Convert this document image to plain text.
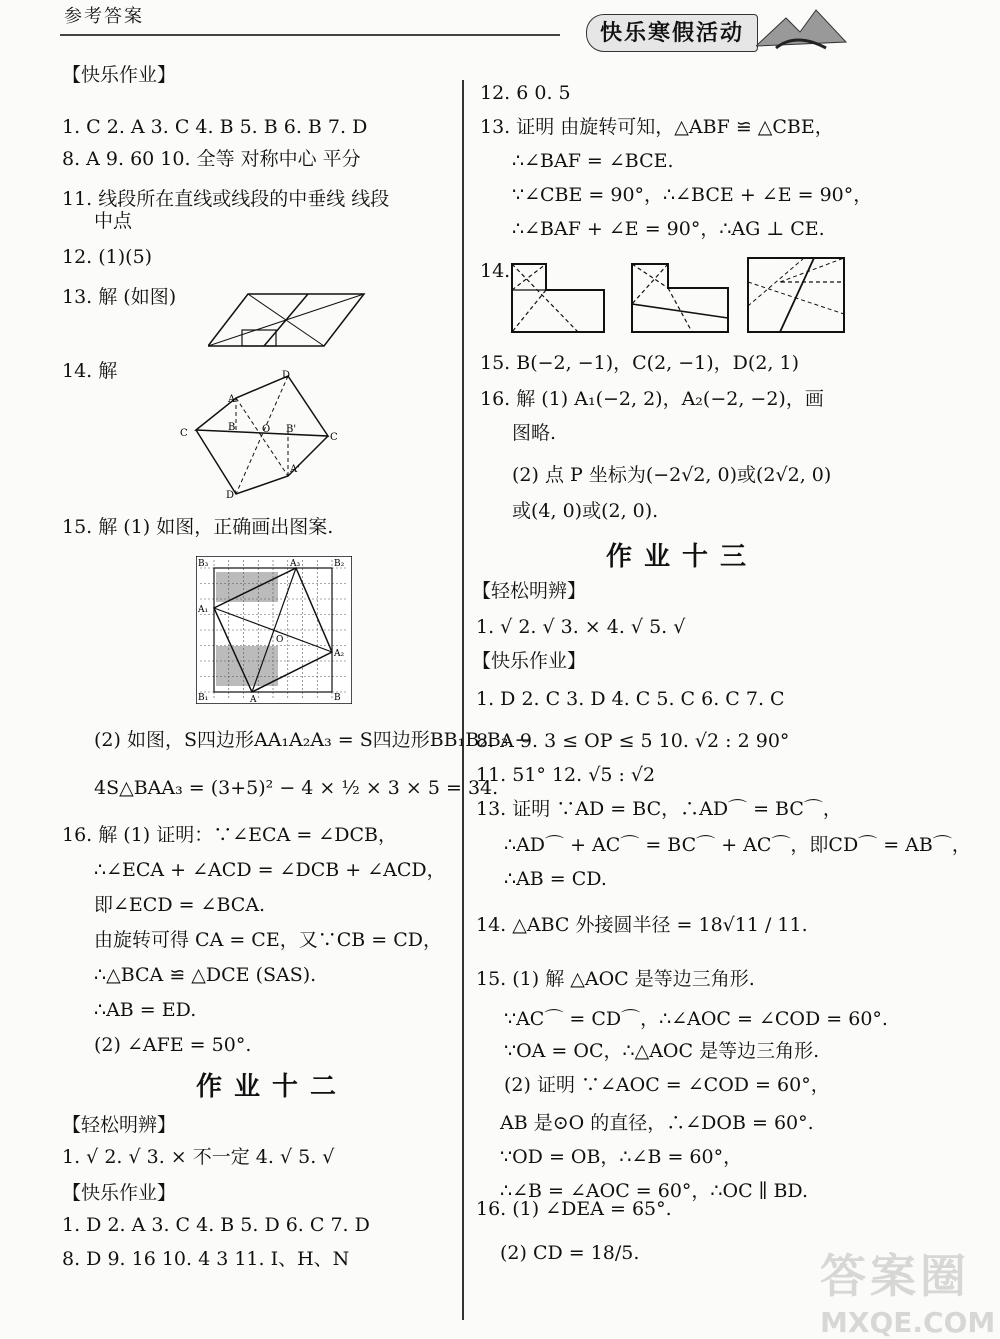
参考答案
快乐寒假活动
【快乐作业】
1. C 2. A 3. C 4. B 5. B 6. B 7. D
8. A 9. 60 10. 全等 对称中心 平分
11. 线段所在直线或线段的中垂线 线段
中点
12. (1)(5)
13. 解 (如图)
14. 解
15. 解 (1) 如图，正确画出图案.
(2) 如图，S四边形AA₁A₂A₃ = S四边形BB₁B₂B₃ −
4S△BAA₃ = (3+5)² − 4 × ½ × 3 × 5 = 34.
16. 解 (1) 证明：∵∠ECA = ∠DCB，
∴∠ECA + ∠ACD = ∠DCB + ∠ACD，
即∠ECD = ∠BCA.
由旋转可得 CA = CE，又∵CB = CD，
∴△BCA ≌ △DCE (SAS).
∴AB = ED.
(2) ∠AFE = 50°.
【轻松明辨】
1. √ 2. √ 3. × 不一定 4. √ 5. √
【快乐作业】
1. D 2. A 3. C 4. B 5. D 6. C 7. D
8. D 9. 16 10. 4 3 11. I、H、N
12. 6 0. 5
13. 证明 由旋转可知，△ABF ≌ △CBE，
∴∠BAF = ∠BCE.
∵∠CBE = 90°，∴∠BCE + ∠E = 90°，
∴∠BAF + ∠E = 90°，∴AG ⊥ CE.
14.
15. B(−2, −1)，C(2, −1)，D(2, 1)
16. 解 (1) A₁(−2, 2)，A₂(−2, −2)，画
图略.
(2) 点 P 坐标为(−2√2, 0)或(2√2, 0)
或(4, 0)或(2, 0).
【轻松明辨】
1. √ 2. √ 3. × 4. √ 5. √
【快乐作业】
1. D 2. C 3. D 4. C 5. C 6. C 7. C
8. A 9. 3 ≤ OP ≤ 5 10. √2 : 2 90°
11. 51° 12. √5 : √2
13. 证明 ∵AD = BC，∴AD⌒ = BC⌒，
∴AD⌒ + AC⌒ = BC⌒ + AC⌒，即CD⌒ = AB⌒，
∴AB = CD.
14. △ABC 外接圆半径 = 18√11 / 11.
15. (1) 解 △AOC 是等边三角形.
∵AC⌒ = CD⌒，∴∠AOC = ∠COD = 60°.
∵OA = OC，∴△AOC 是等边三角形.
(2) 证明 ∵∠AOC = ∠COD = 60°，
AB 是⊙O 的直径，∴∠DOB = 60°.
∵OD = OB，∴∠B = 60°，
∴∠B = ∠AOC = 60°，∴OC ∥ BD.
16. (1) ∠DEA = 65°.
(2) CD = 18/5.
作业十二
作业十三
D
A
C
B	O B'
C
A'
D'
B₃	A₃	B₂
A₁
O
A₂
B₁	A	B
答案圈
MXQE.COM
